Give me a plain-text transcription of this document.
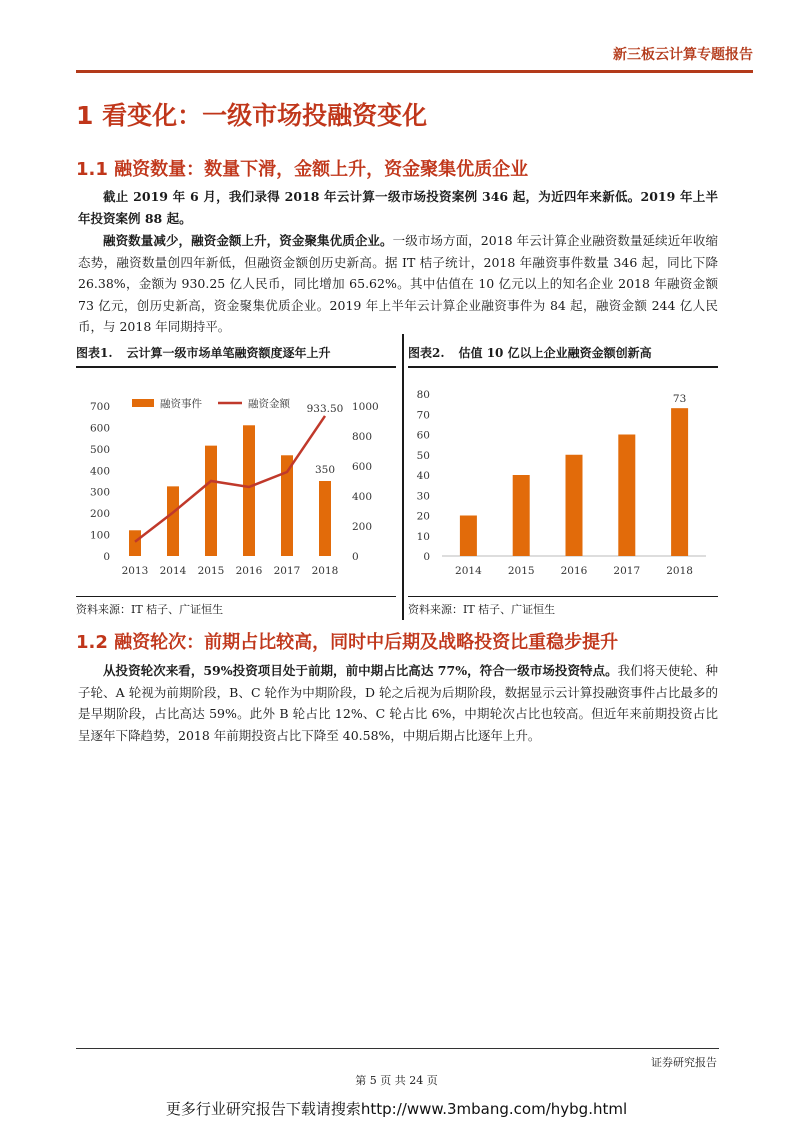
新三板云计算专题报告
1 看变化：一级市场投融资变化
1.1 融资数量：数量下滑，金额上升，资金聚集优质企业
截止 2019 年 6 月，我们录得 2018 年云计算一级市场投资案例 346 起，为近四年来新低。2019 年上半年投资案例 88 起。
融资数量减少，融资金额上升，资金聚集优质企业。一级市场方面，2018 年云计算企业融资数量延续近年收缩态势，融资数量创四年新低，但融资金额创历史新高。据 IT 桔子统计，2018 年融资事件数量 346 起，同比下降 26.38%，金额为 930.25 亿人民币，同比增加 65.62%。其中估值在 10 亿元以上的知名企业 2018 年融资金额 73 亿元，创历史新高，资金聚集优质企业。2019 年上半年云计算企业融资事件为 84 起，融资金额 244 亿人民币，与 2018 年同期持平。
图表1. 云计算一级市场单笔融资额度逐年上升
0
100
200
300
400
500
600
700
0
200
400
600
800
1000
2013 2014 2015 2016 2017 2018
350
933.50
融资事件	融资金额
资料来源：IT 桔子、广证恒生
图表2. 估值 10 亿以上企业融资金额创新高
0
10
20
30
40
50
60
70
80
2014 2015 2016 2017 2018
73
资料来源：IT 桔子、广证恒生
1.2 融资轮次：前期占比较高，同时中后期及战略投资比重稳步提升
从投资轮次来看，59%投资项目处于前期，前中期占比高达 77%，符合一级市场投资特点。我们将天使轮、种子轮、A 轮视为前期阶段，B、C 轮作为中期阶段，D 轮之后视为后期阶段，数据显示云计算投融资事件占比最多的是早期阶段，占比高达 59%。此外 B 轮占比 12%、C 轮占比 6%，中期轮次占比也较高。但近年来前期投资占比呈逐年下降趋势，2018 年前期投资占比下降至 40.58%，中期后期占比逐年上升。
证券研究报告
第 5 页 共 24 页
更多行业研究报告下载请搜索http://www.3mbang.com/hybg.html
